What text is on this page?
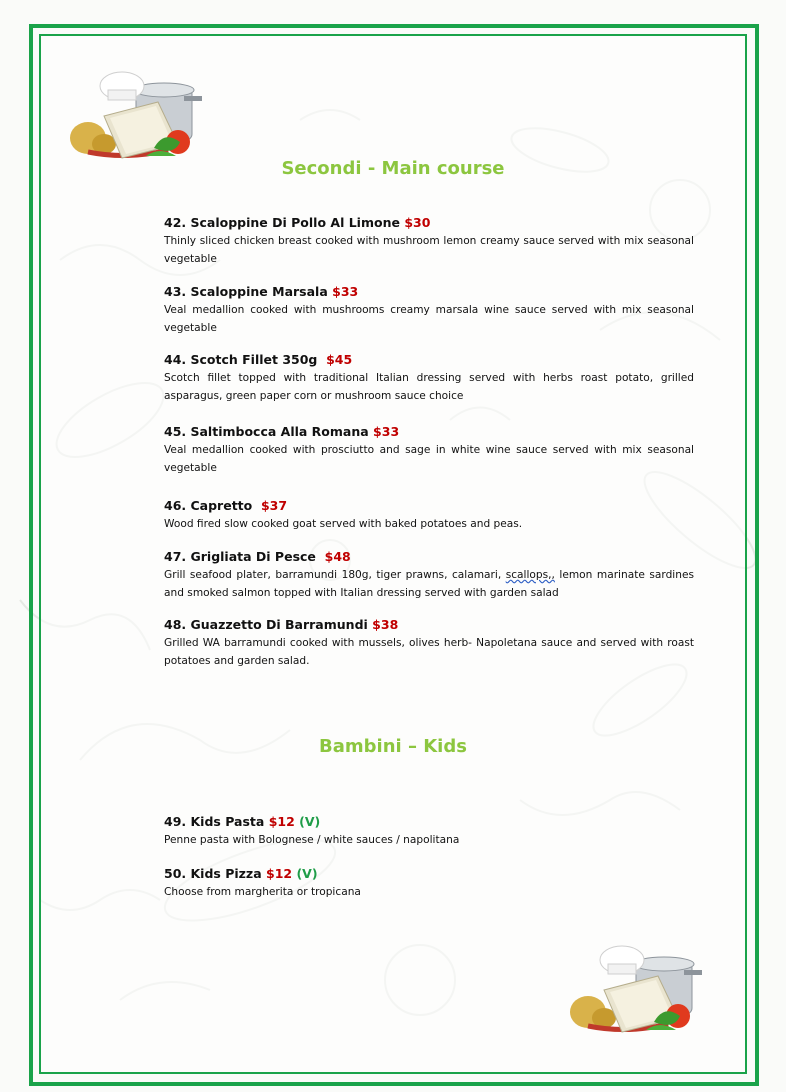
Secondi - Main course
42. Scaloppine Di Pollo Al Limone $30
Thinly sliced chicken breast cooked with mushroom lemon creamy sauce served with mix seasonal vegetable
43. Scaloppine Marsala $33
Veal medallion cooked with mushrooms creamy marsala wine sauce served with mix seasonal vegetable
44. Scotch Fillet 350g $45
Scotch fillet topped with traditional Italian dressing served with herbs roast potato, grilled asparagus, green paper corn or mushroom sauce choice
45. Saltimbocca Alla Romana $33
Veal medallion cooked with prosciutto and sage in white wine sauce served with mix seasonal vegetable
46. Capretto $37
Wood fired slow cooked goat served with baked potatoes and peas.
47. Grigliata Di Pesce $48
Grill seafood plater, barramundi 180g, tiger prawns, calamari, scallops,, lemon marinate sardines and smoked salmon topped with Italian dressing served with garden salad
48. Guazzetto Di Barramundi $38
Grilled WA barramundi cooked with mussels, olives herb- Napoletana sauce and served with roast potatoes and garden salad.
Bambini – Kids
49. Kids Pasta $12 (V)
Penne pasta with Bolognese / white sauces / napolitana
50. Kids Pizza $12 (V)
Choose from margherita or tropicana
